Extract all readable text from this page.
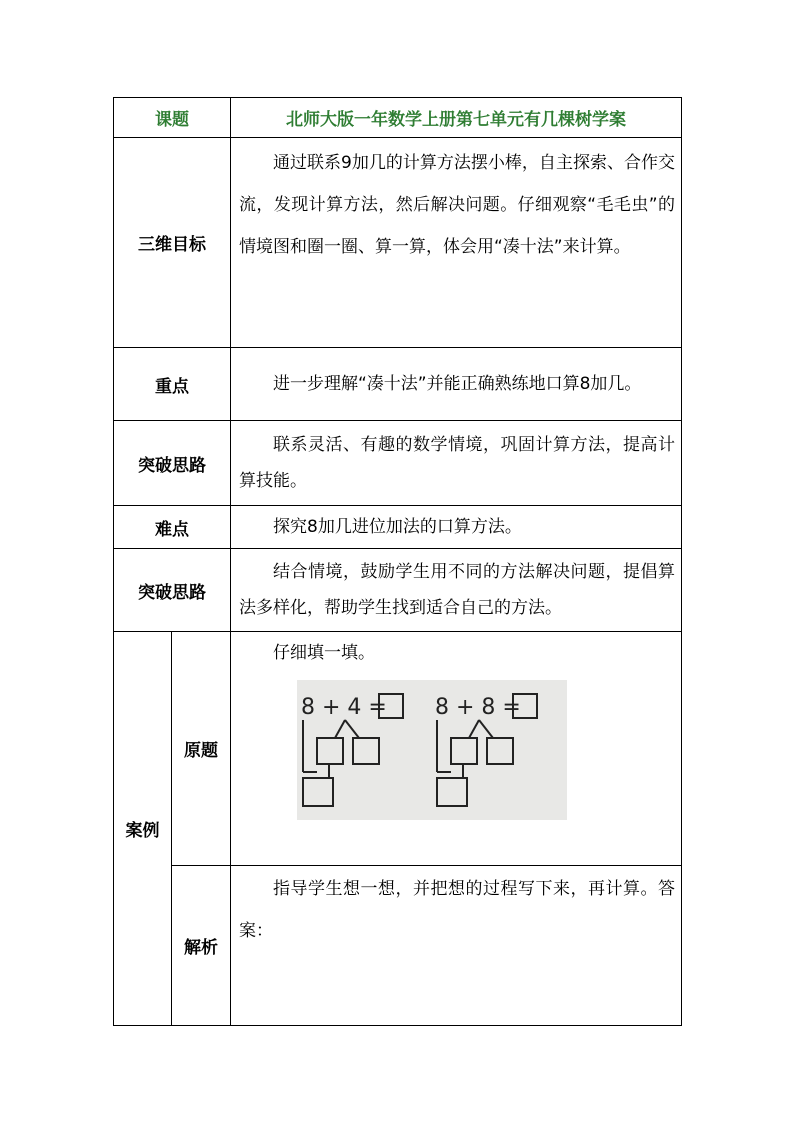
课题		北师大版一年数学上册第七单元有几棵树学案
三维目标		通过联系9加几的计算方法摆小棒，自主探索、合作交流，发现计算方法，然后解决问题。仔细观察“毛毛虫”的情境图和圈一圈、算一算，体会用“凑十法”来计算。

重点		进一步理解“凑十法”并能正确熟练地口算8加几。

突破思路		联系灵活、有趣的数学情境，巩固计算方法，提高计算技能。

难点		探究8加几进位加法的口算方法。

突破思路		结合情境，鼓励学生用不同的方法解决问题，提倡算法多样化，帮助学生找到适合自己的方法。

案例	原题	仔细填一填。
8 + 4 = 8 + 8 =

	解析	指导学生想一想，并把想的过程写下来，再计算。答案：
